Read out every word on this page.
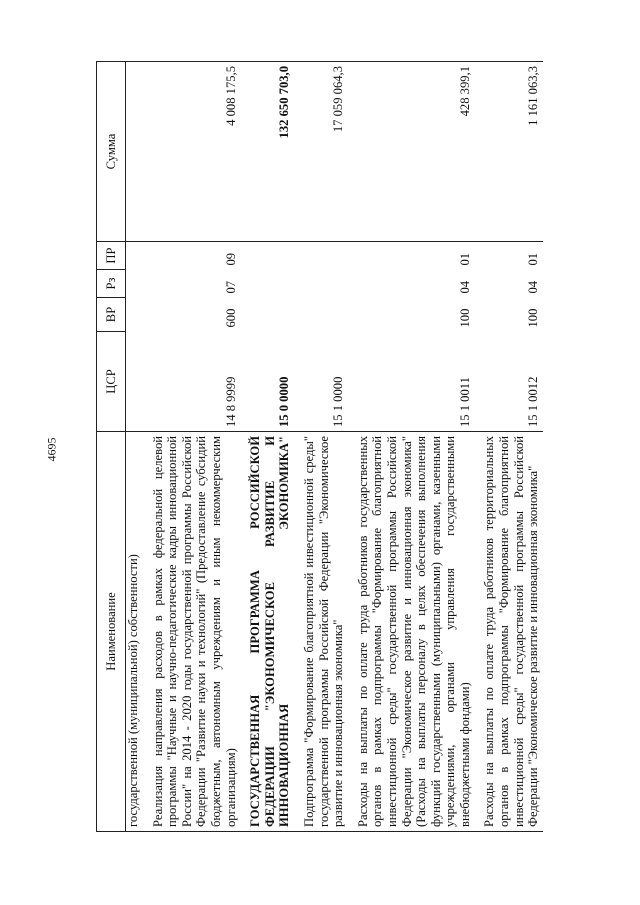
4695
Наименование	ЦСР	ВР	Рз	ПР	Сумма
государственной (муниципальной) собственности)					

Реализация направления расходов в рамках федеральной целевой программы "Научные и научно-педагогические кадры инновационной России" на 2014 - 2020 годы государственной программы Российской Федерации "Развитие науки и технологий" (Предоставление субсидий бюджетным, автономным учреждениям и иным некоммерческим организациям)	14 8 9999	600	07	09	4 008 175,5

ГОСУДАРСТВЕННАЯ ПРОГРАММА РОССИЙСКОЙ ФЕДЕРАЦИИ "ЭКОНОМИЧЕСКОЕ РАЗВИТИЕ И ИННОВАЦИОННАЯ ЭКОНОМИКА"	15 0 0000				132 650 703,0

Подпрограмма "Формирование благоприятной инвестиционной среды" государственной программы Российской Федерации "Экономическое развитие и инновационная экономика"	15 1 0000				17 059 064,3

Расходы на выплаты по оплате труда работников государственных органов в рамках подпрограммы "Формирование благоприятной инвестиционной среды" государственной программы Российской Федерации "Экономическое развитие и инновационная экономика" (Расходы на выплаты персоналу в целях обеспечения выполнения функций государственными (муниципальными) органами, казенными учреждениями, органами управления государственными внебюджетными фондами)	15 1 0011	100	04	01	428 399,1

Расходы на выплаты по оплате труда работников территориальных органов в рамках подпрограммы "Формирование благоприятной инвестиционной среды" государственной программы Российской Федерации "Экономическое развитие и инновационная экономика"	15 1 0012	100	04	01	1 161 063,3
